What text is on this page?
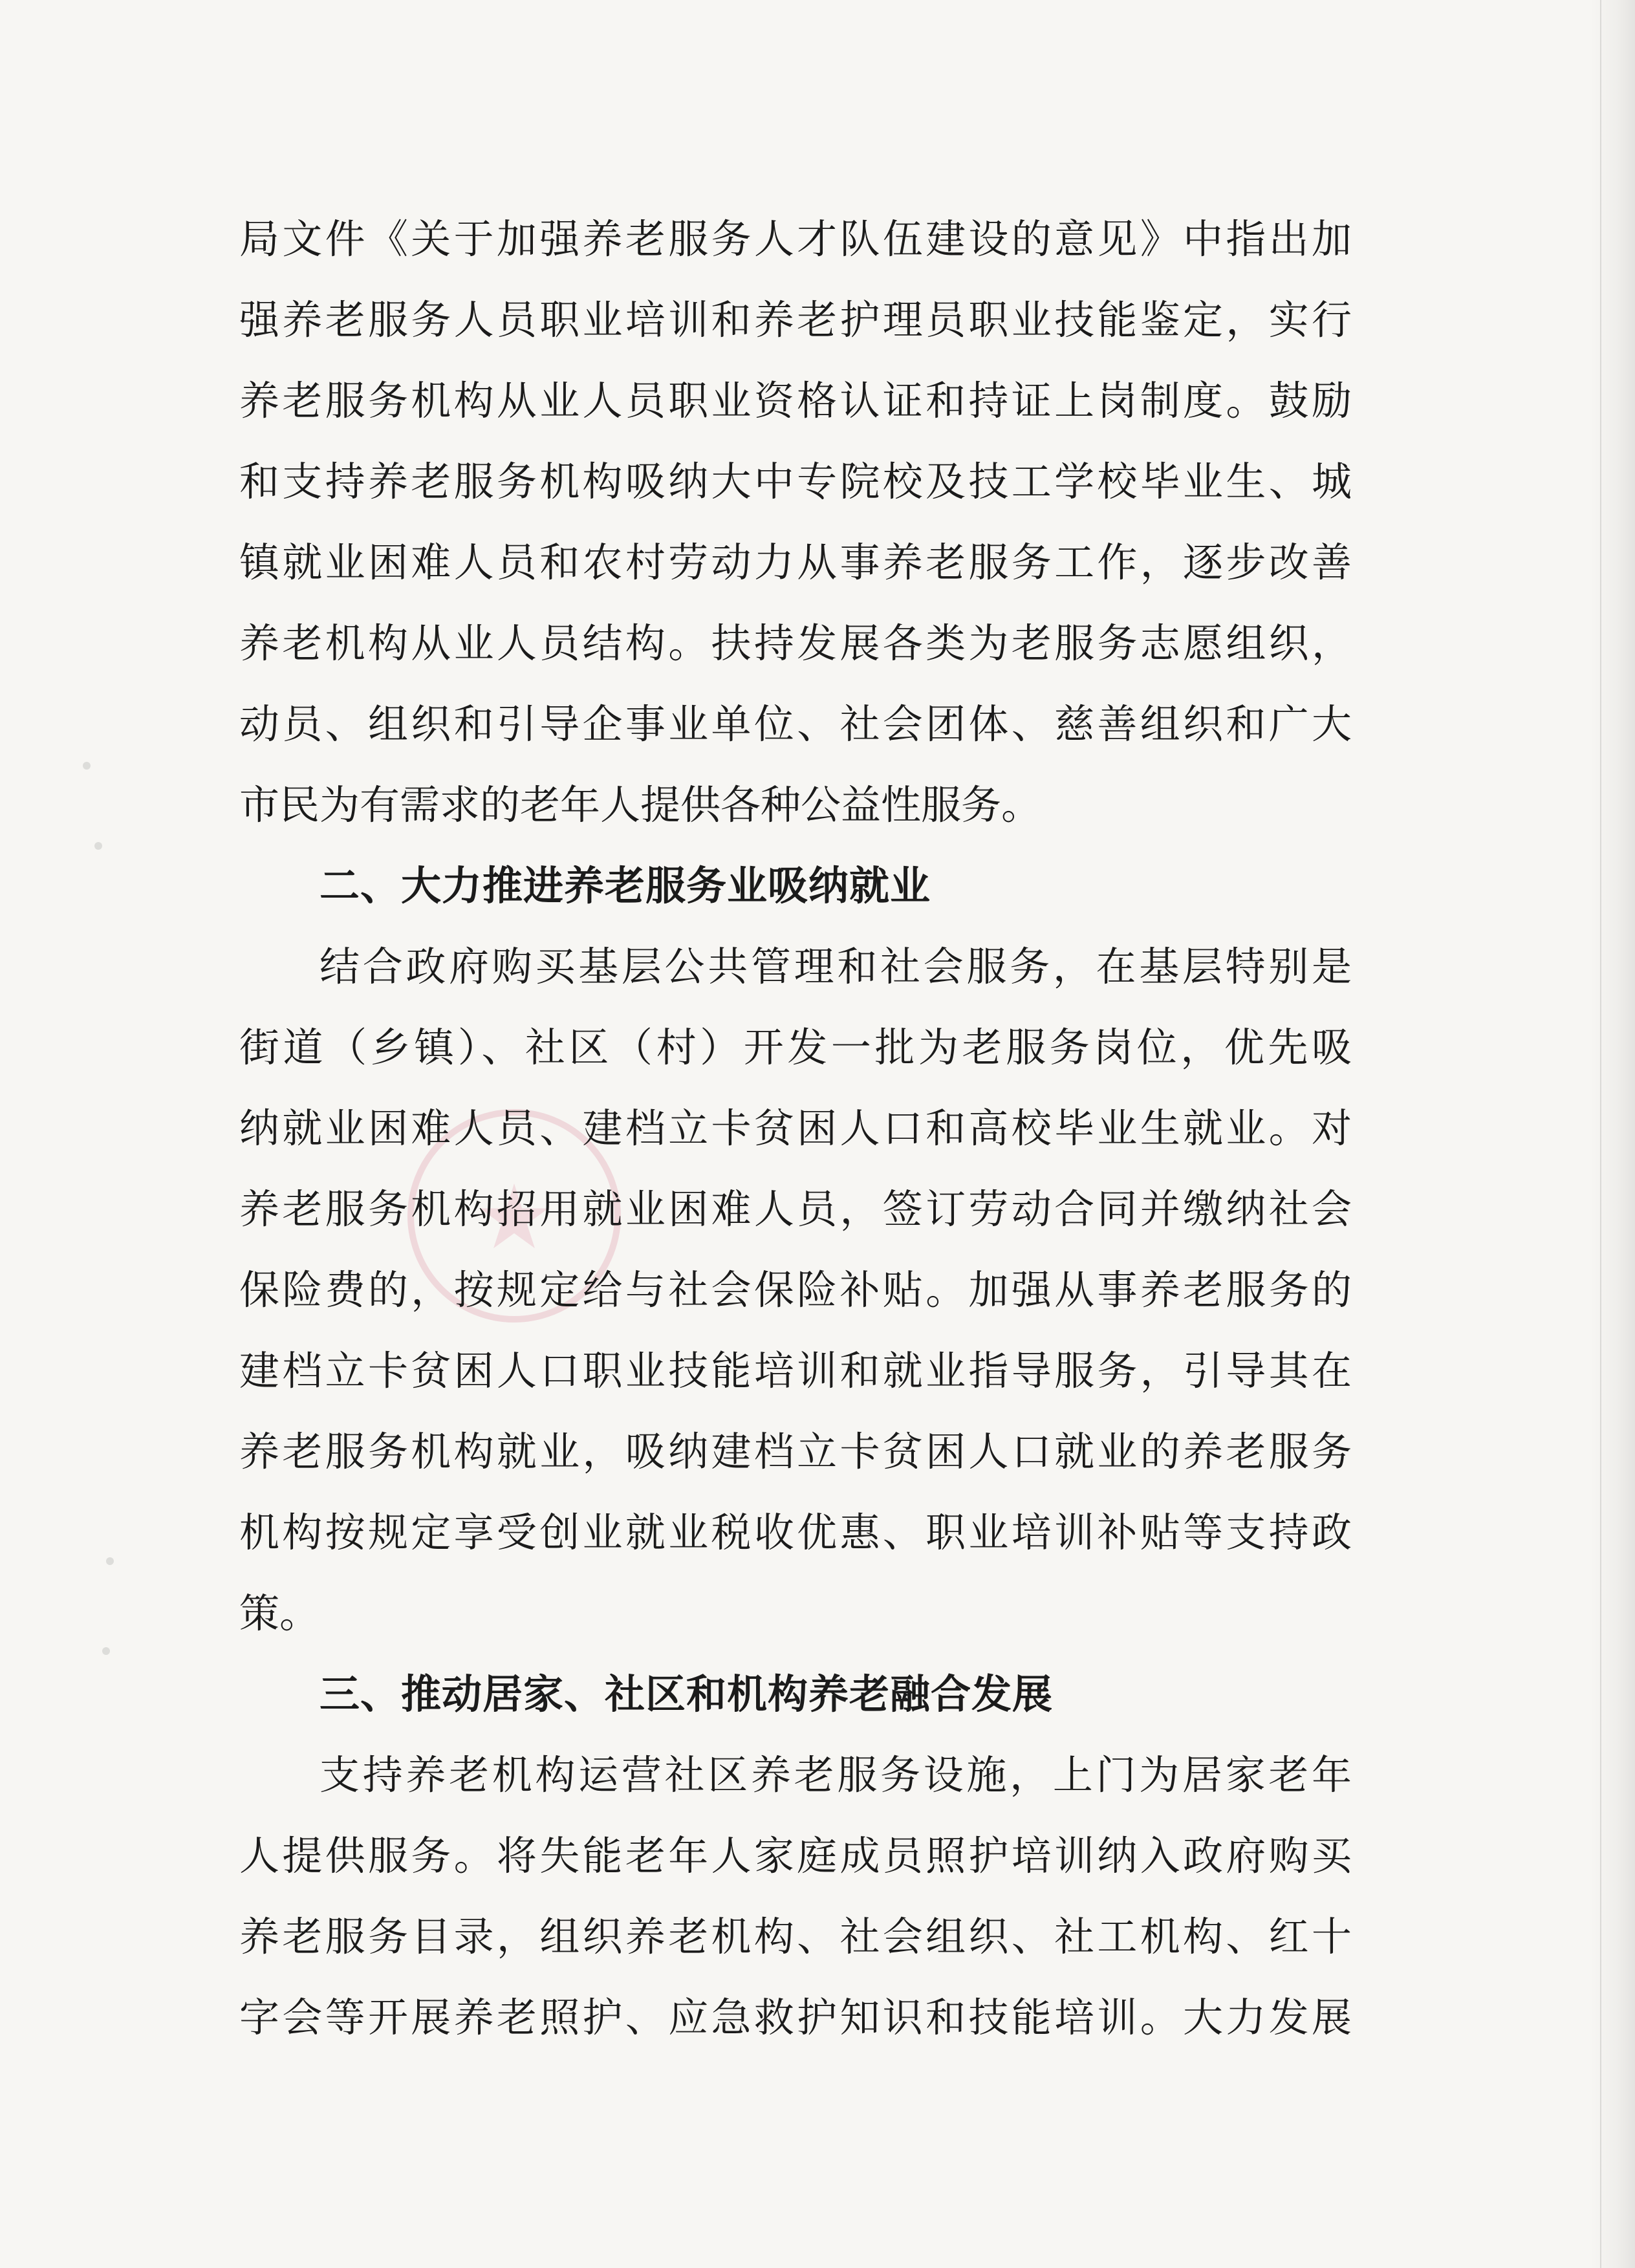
局文件《关于加强养老服务人才队伍建设的意见》中指出加
强养老服务人员职业培训和养老护理员职业技能鉴定，实行
养老服务机构从业人员职业资格认证和持证上岗制度。鼓励
和支持养老服务机构吸纳大中专院校及技工学校毕业生、城
镇就业困难人员和农村劳动力从事养老服务工作，逐步改善
养老机构从业人员结构。扶持发展各类为老服务志愿组织，
动员、组织和引导企事业单位、社会团体、慈善组织和广大
市民为有需求的老年人提供各种公益性服务。
二、大力推进养老服务业吸纳就业
结合政府购买基层公共管理和社会服务，在基层特别是
街道（乡镇）、社区（村）开发一批为老服务岗位，优先吸
纳就业困难人员、建档立卡贫困人口和高校毕业生就业。对
养老服务机构招用就业困难人员，签订劳动合同并缴纳社会
保险费的，按规定给与社会保险补贴。加强从事养老服务的
建档立卡贫困人口职业技能培训和就业指导服务，引导其在
养老服务机构就业，吸纳建档立卡贫困人口就业的养老服务
机构按规定享受创业就业税收优惠、职业培训补贴等支持政
策。
三、推动居家、社区和机构养老融合发展
支持养老机构运营社区养老服务设施，上门为居家老年
人提供服务。将失能老年人家庭成员照护培训纳入政府购买
养老服务目录，组织养老机构、社会组织、社工机构、红十
字会等开展养老照护、应急救护知识和技能培训。大力发展
